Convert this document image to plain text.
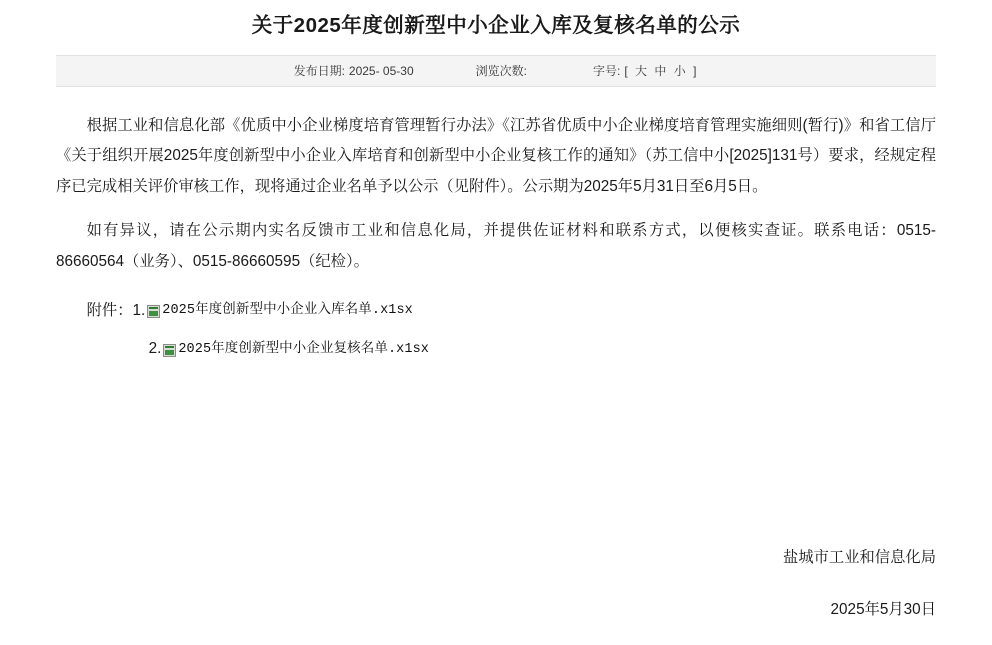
关于2025年度创新型中小企业入库及复核名单的公示
发布日期: 2025- 05-30	浏览次数:	字号: [ 大 中 小 ]

根据工业和信息化部《优质中小企业梯度培育管理暂行办法》《江苏省优质中小企业梯度培育管理实施细则(暂行)》和省工信厅《关于组织开展2025年度创新型中小企业入库培育和创新型中小企业复核工作的通知》（苏工信中小[2025]131号）要求，经规定程序已完成相关评价审核工作，现将通过企业名单予以公示（见附件）。公示期为2025年5月31日至6月5日。

如有异议，请在公示期内实名反馈市工业和信息化局，并提供佐证材料和联系方式，以便核实查证。联系电话：0515-86660564（业务）、0515-86660595（纪检）。

附件： 1. 2025年度创新型中小企业入库名单.x1sx
2. 2025年度创新型中小企业复核名单.x1sx
盐城市工业和信息化局
2025年5月30日
